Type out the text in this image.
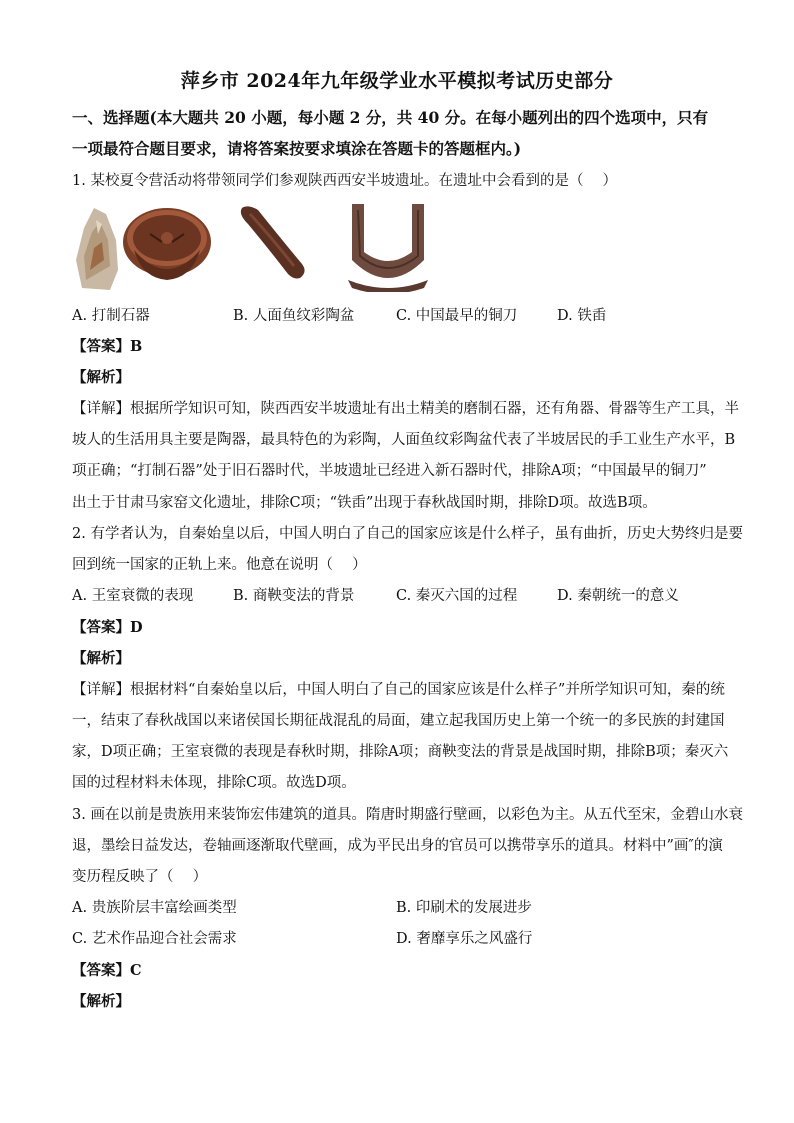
萍乡市 2024年九年级学业水平模拟考试历史部分
一、选择题(本大题共 20 小题，每小题 2 分，共 40 分。在每小题列出的四个选项中，只有
一项最符合题目要求，请将答案按要求填涂在答题卡的答题框内。)
1. 某校夏令营活动将带领同学们参观陕西西安半坡遗址。在遗址中会看到的是（　 ）
A. 打制石器	B. 人面鱼纹彩陶盆	C. 中国最早的铜刀	D. 铁臿
【答案】B
【解析】
【详解】根据所学知识可知，陕西西安半坡遗址有出土精美的磨制石器，还有角器、骨器等生产工具，半
坡人的生活用具主要是陶器，最具特色的为彩陶，人面鱼纹彩陶盆代表了半坡居民的手工业生产水平，B
项正确；“打制石器”处于旧石器时代，半坡遗址已经进入新石器时代，排除A项；“中国最早的铜刀”
出土于甘肃马家窑文化遗址，排除C项；“铁臿”出现于春秋战国时期，排除D项。故选B项。
2. 有学者认为，自秦始皇以后，中国人明白了自己的国家应该是什么样子，虽有曲折，历史大势终归是要
回到统一国家的正轨上来。他意在说明（　 ）
A. 王室衰微的表现	B. 商鞅变法的背景	C. 秦灭六国的过程	D. 秦朝统一的意义
【答案】D
【解析】
【详解】根据材料“自秦始皇以后，中国人明白了自己的国家应该是什么样子”并所学知识可知，秦的统
一，结束了春秋战国以来诸侯国长期征战混乱的局面，建立起我国历史上第一个统一的多民族的封建国
家，D项正确；王室衰微的表现是春秋时期，排除A项；商鞅变法的背景是战国时期，排除B项；秦灭六
国的过程材料未体现，排除C项。故选D项。
3. 画在以前是贵族用来装饰宏伟建筑的道具。隋唐时期盛行壁画，以彩色为主。从五代至宋，金碧山水衰
退，墨绘日益发达，卷轴画逐渐取代壁画，成为平民出身的官员可以携带享乐的道具。材料中”画″的演
变历程反映了（　 ）
A. 贵族阶层丰富绘画类型	B. 印刷术的发展进步
C. 艺术作品迎合社会需求	D. 奢靡享乐之风盛行
【答案】C
【解析】
